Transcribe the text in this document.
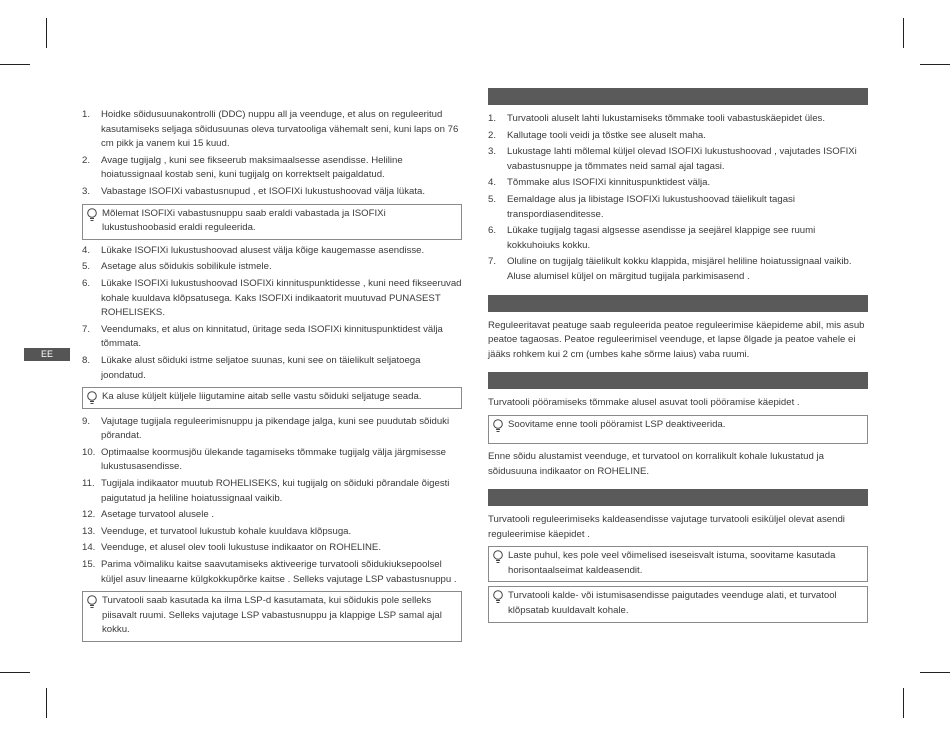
EE
1. Hoidke sõidusuunakontrolli (DDC) nuppu all ja veenduge, et alus on reguleeritud kasutamiseks seljaga sõidusuunas oleva turvatooliga vähemalt seni, kuni laps on 76 cm pikk ja vanem kui 15 kuud.
2. Avage tugijalg , kuni see fikseerub maksimaalsesse asendisse. Heliline hoiatussignaal kostab seni, kuni tugijalg on korrektselt paigaldatud.
3. Vabastage ISOFIXi vabastusnupud , et ISOFIXi lukustushoovad välja lükata.
Mõlemat ISOFIXi vabastusnuppu saab eraldi vabastada ja ISOFIXi lukustushoobasid eraldi reguleerida.
4. Lükake ISOFIXi lukustushoovad alusest välja kõige kaugemasse asendisse.
5. Asetage alus sõidukis sobilikule istmele.
6. Lükake ISOFIXi lukustushoovad ISOFIXi kinnituspunktidesse , kuni need fikseeruvad kohale kuuldava klõpsatusega. Kaks ISOFIXi indikaatorit muutuvad PUNASEST ROHELISEKS.
7. Veendumaks, et alus on kinnitatud, üritage seda ISOFIXi kinnituspunktidest välja tõmmata.
8. Lükake alust sõiduki istme seljatoe suunas, kuni see on täielikult seljatoega joondatud.
Ka aluse küljelt küljele liigutamine aitab selle vastu sõiduki seljatuge seada.
9. Vajutage tugijala reguleerimisnuppu ja pikendage jalga, kuni see puudutab sõiduki põrandat.
10. Optimaalse koormusjõu ülekande tagamiseks tõmmake tugijalg välja järgmisesse lukustusasendisse.
11. Tugijala indikaator muutub ROHELISEKS, kui tugijalg on sõiduki põrandale õigesti paigutatud ja heliline hoiatussignaal vaikib.
12. Asetage turvatool alusele .
13. Veenduge, et turvatool lukustub kohale kuuldava klõpsuga.
14. Veenduge, et alusel olev tooli lukustuse indikaator on ROHELINE.
15. Parima võimaliku kaitse saavutamiseks aktiveerige turvatooli sõidukiuksepoolsel küljel asuv lineaarne külgkokkupõrke kaitse . Selleks vajutage LSP vabastusnuppu .
Turvatooli saab kasutada ka ilma LSP-d kasutamata, kui sõidukis pole selleks piisavalt ruumi. Selleks vajutage LSP vabastusnuppu ja klappige LSP samal ajal kokku.
1. Turvatooli aluselt lahti lukustamiseks tõmmake tooli vabastuskäepidet üles.
2. Kallutage tooli veidi ja tõstke see aluselt maha.
3. Lukustage lahti mõlemal küljel olevad ISOFIXi lukustushoovad , vajutades ISOFIXi vabastusnuppe ja tõmmates neid samal ajal tagasi.
4. Tõmmake alus ISOFIXi kinnituspunktidest välja.
5. Eemaldage alus ja libistage ISOFIXi lukustushoovad täielikult tagasi transpordiasenditesse.
6. Lükake tugijalg tagasi algsesse asendisse ja seejärel klappige see ruumi kokkuhoiuks kokku.
7. Oluline on tugijalg täielikult kokku klappida, misjärel heliline hoiatussignaal vaikib. Aluse alumisel küljel on märgitud tugijala parkimisasend .

Reguleeritavat peatuge saab reguleerida peatoe reguleerimise käepideme abil, mis asub peatoe tagaosas. Peatoe reguleerimisel veenduge, et lapse õlgade ja peatoe vahele ei jääks rohkem kui 2 cm (umbes kahe sõrme laius) vaba ruumi.

Turvatooli pööramiseks tõmmake alusel asuvat tooli pööramise käepidet .

Soovitame enne tooli pööramist LSP deaktiveerida.

Enne sõidu alustamist veenduge, et turvatool on korralikult kohale lukustatud ja sõidusuuna indikaator on ROHELINE.

Turvatooli reguleerimiseks kaldeasendisse vajutage turvatooli esiküljel olevat asendi reguleerimise käepidet .

Laste puhul, kes pole veel võimelised iseseisvalt istuma, soovitame kasutada horisontaalseimat kaldeasendit.
Turvatooli kalde- või istumisasendisse paigutades veenduge alati, et turvatool klõpsatab kuuldavalt kohale.
